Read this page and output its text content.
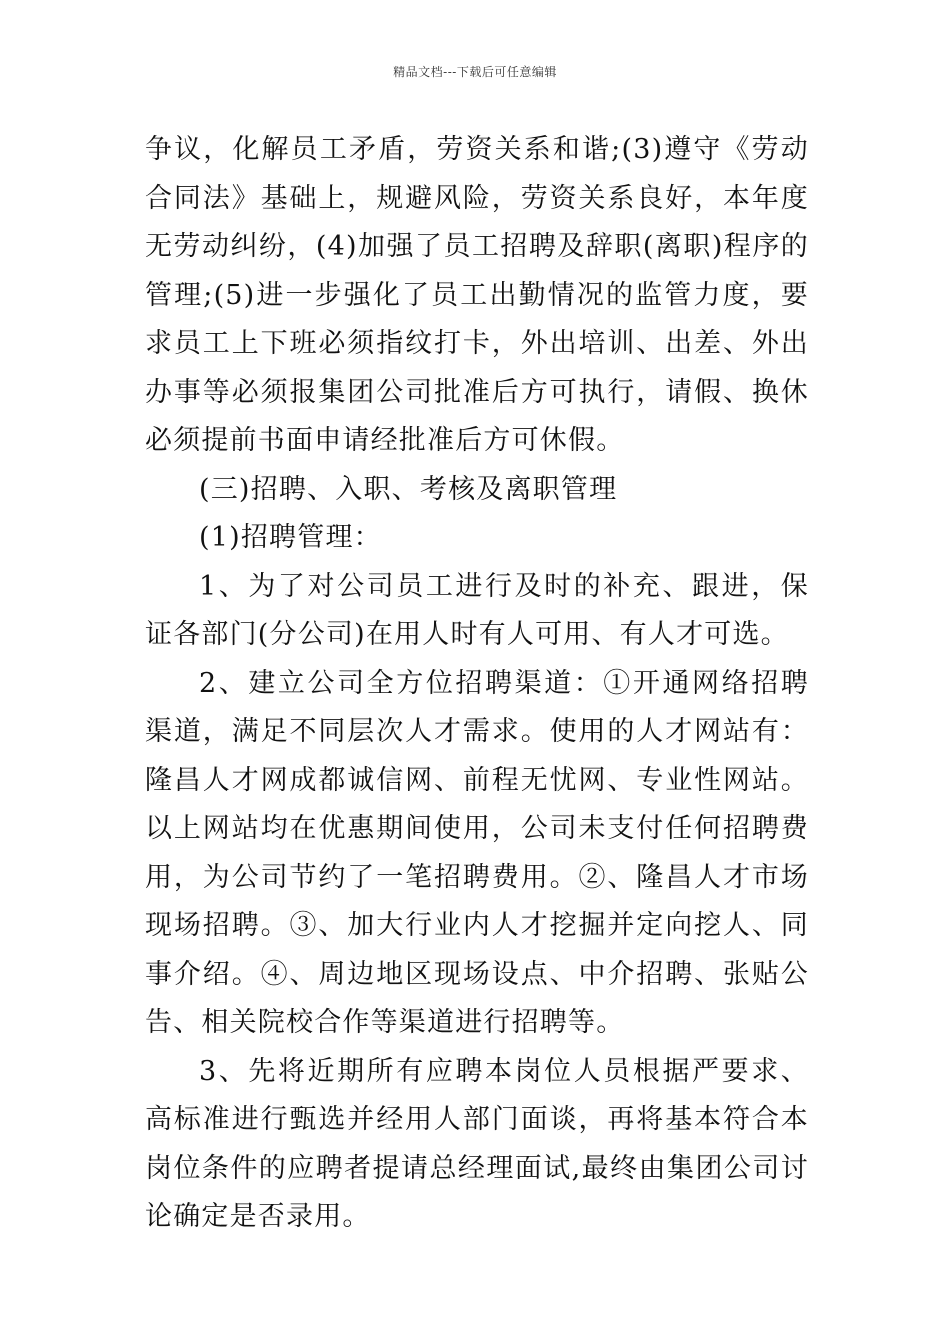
精品文档---下载后可任意编辑

争议，化解员工矛盾，劳资关系和谐;(3)遵守《劳动合同法》基础上，规避风险，劳资关系良好，本年度无劳动纠纷，(4)加强了员工招聘及辞职(离职)程序的管理;(5)进一步强化了员工出勤情况的监管力度，要求员工上下班必须指纹打卡，外出培训、出差、外出办事等必须报集团公司批准后方可执行，请假、换休必须提前书面申请经批准后方可休假。

(三)招聘、入职、考核及离职管理

(1)招聘管理：

1、为了对公司员工进行及时的补充、跟进，保证各部门(分公司)在用人时有人可用、有人才可选。

2、建立公司全方位招聘渠道：①开通网络招聘渠道，满足不同层次人才需求。使用的人才网站有：隆昌人才网成都诚信网、前程无忧网、专业性网站。以上网站均在优惠期间使用，公司未支付任何招聘费用，为公司节约了一笔招聘费用。②、隆昌人才市场现场招聘。③、加大行业内人才挖掘并定向挖人、同事介绍。④、周边地区现场设点、中介招聘、张贴公告、相关院校合作等渠道进行招聘等。

3、先将近期所有应聘本岗位人员根据严要求、高标准进行甄选并经用人部门面谈，再将基本符合本岗位条件的应聘者提请总经理面试,最终由集团公司讨论确定是否录用。
